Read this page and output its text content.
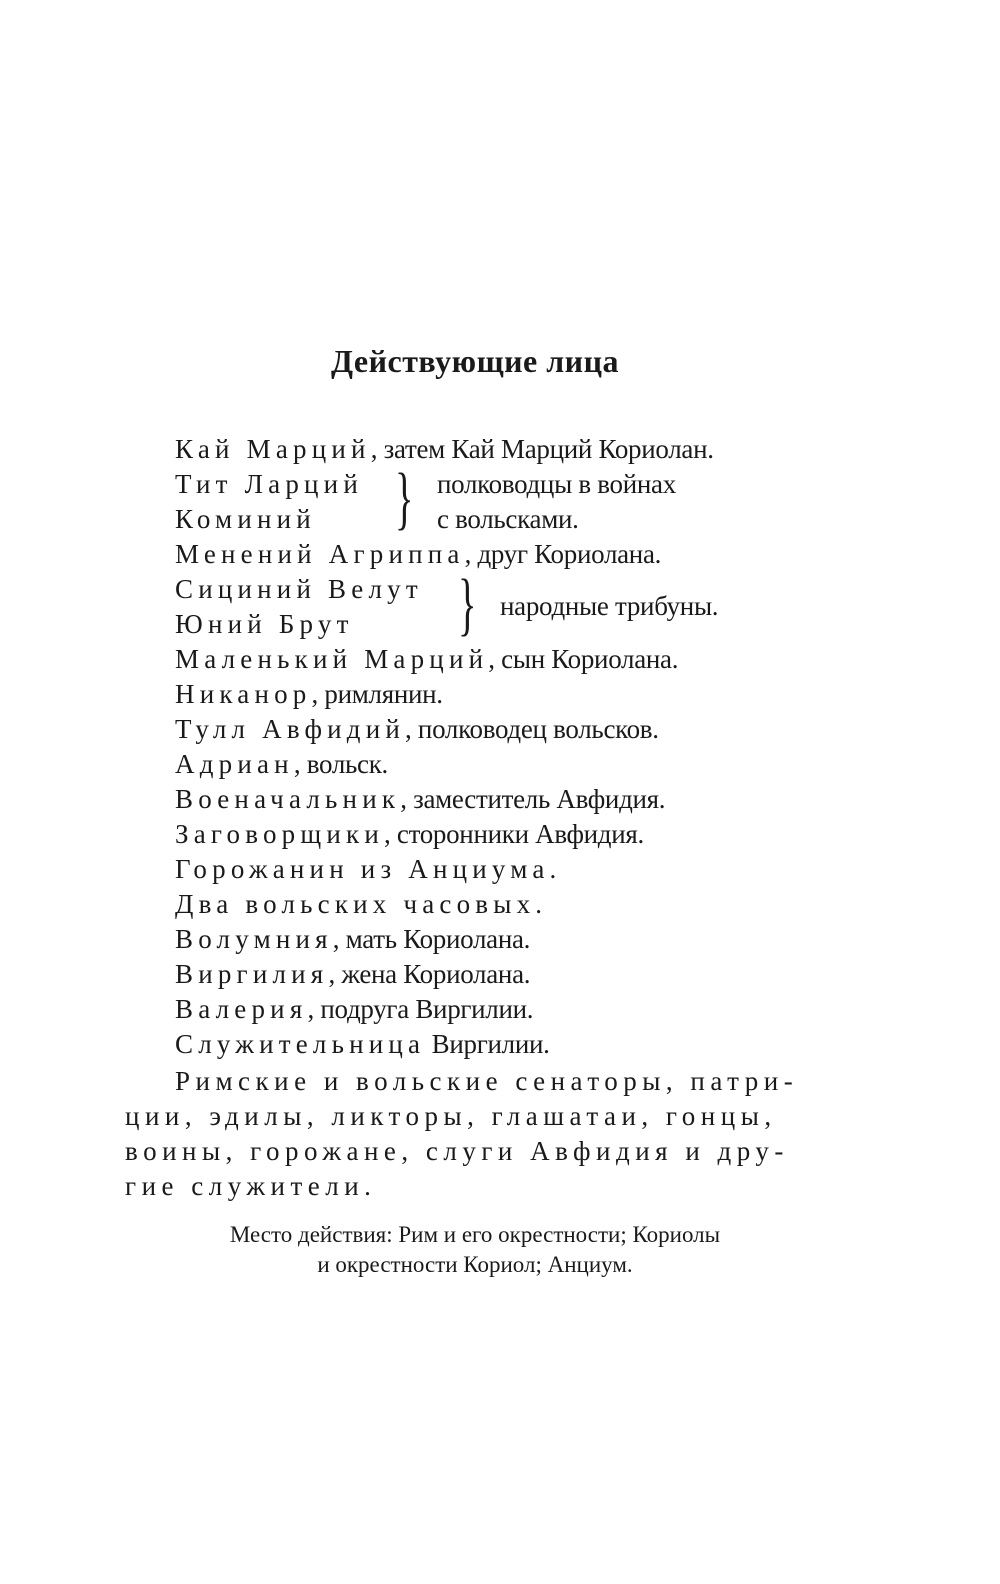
Действующие лица
Кай Марций, затем Кай Марций Кориолан.
Тит Ларций
Коминий } полководцы в войнах
с вольсками.
Менений Агриппа, друг Кориолана.
Сициний Велут
Юний Брут } народные трибуны.
Маленький Марций, сын Кориолана.
Никанор, римлянин.
Тулл Авфидий, полководец вольсков.
Адриан, вольск.
Военачальник, заместитель Авфидия.
Заговорщики, сторонники Авфидия.
Горожанин из Анциума.
Два вольских часовых.
Волумния, мать Кориолана.
Виргилия, жена Кориолана.
Валерия, подруга Виргилии.
Служительница Виргилии.
Римские и вольские сенаторы, патри-
ции, эдилы, ликторы, глашатаи, гонцы,
воины, горожане, слуги Авфидия и дру-
гие служители.
Место действия: Рим и его окрестности; Кориолы
и окрестности Кориол; Анциум.
